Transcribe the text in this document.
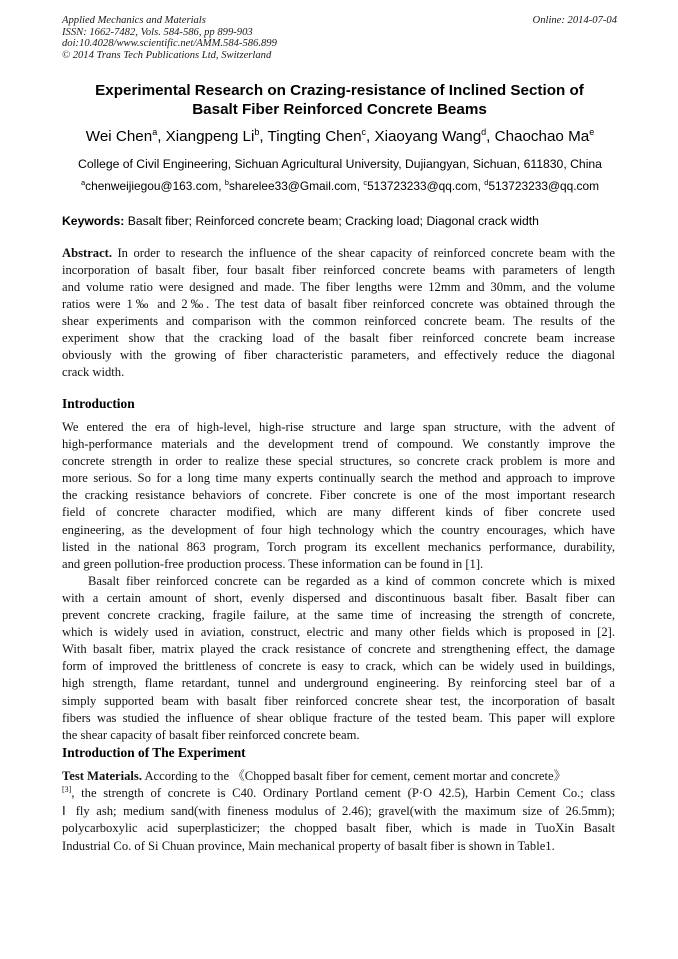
Applied Mechanics and Materials
ISSN: 1662-7482, Vols. 584-586, pp 899-903
doi:10.4028/www.scientific.net/AMM.584-586.899
© 2014 Trans Tech Publications Ltd, Switzerland
Online: 2014-07-04
Experimental Research on Crazing-resistance of Inclined Section of
Basalt Fiber Reinforced Concrete Beams
Wei Chen$^a$, Xiangpeng Li$^b$, Tingting Chen$^c$, Xiaoyang Wang$^d$, Chaochao Ma$^e$
College of Civil Engineering, Sichuan Agricultural University, Dujiangyan, Sichuan, 611830, China
$^a$chenweijiegou@163.com, $^b$sharelee33@Gmail.com, $^c$513723233@qq.com, $^d$513723233@qq.com
Keywords: Basalt fiber; Reinforced concrete beam; Cracking load; Diagonal crack width
Abstract. In order to research the influence of the shear capacity of reinforced concrete beam with the
incorporation of basalt fiber, four basalt fiber reinforced concrete beams with parameters of length
and volume ratio were designed and made. The fiber lengths were 12mm and 30mm, and the volume
ratios were 1‰ and 2‰. The test data of basalt fiber reinforced concrete was obtained through the
shear experiments and comparison with the common reinforced concrete beam. The results of the
experiment show that the cracking load of the basalt fiber reinforced concrete beam increase
obviously with the growing of fiber characteristic parameters, and effectively reduce the diagonal
crack width.
Introduction
We entered the era of high-level, high-rise structure and large span structure, with the advent of
high-performance materials and the development trend of compound. We constantly improve the
concrete strength in order to realize these special structures, so concrete crack problem is more and
more serious. So for a long time many experts continually search the method and approach to improve
the cracking resistance behaviors of concrete. Fiber concrete is one of the most important research
field of concrete character modified, which are many different kinds of fiber concrete used
engineering, as the development of four high technology which the country encourages, which have
listed in the national 863 program, Torch program its excellent mechanics performance, durability,
and green pollution-free production process. These information can be found in [1].
Basalt fiber reinforced concrete can be regarded as a kind of common concrete which is mixed
with a certain amount of short, evenly dispersed and discontinuous basalt fiber. Basalt fiber can
prevent concrete cracking, fragile failure, at the same time of increasing the strength of concrete,
which is widely used in aviation, construct, electric and many other fields which is proposed in [2].
With basalt fiber, matrix played the crack resistance of concrete and strengthening effect, the damage
form of improved the brittleness of concrete is easy to crack, which can be widely used in buildings,
high strength, flame retardant, tunnel and underground engineering. By reinforcing steel bar of a
simply supported beam with basalt fiber reinforced concrete shear test, the incorporation of basalt
fibers was studied the influence of shear oblique fracture of the tested beam. This paper will explore
the shear capacity of basalt fiber reinforced concrete beam.
Introduction of The Experiment
Test Materials. According to the 《Chopped basalt fiber for cement, cement mortar and concrete》
[3], the strength of concrete is C40. Ordinary Portland cement (P·O 42.5), Harbin Cement Co.; class
Ⅰ fly ash; medium sand(with fineness modulus of 2.46); gravel(with the maximum size of 26.5mm);
polycarboxylic acid superplasticizer; the chopped basalt fiber, which is made in TuoXin Basalt
Industrial Co. of Si Chuan province, Main mechanical property of basalt fiber is shown in Table1.
